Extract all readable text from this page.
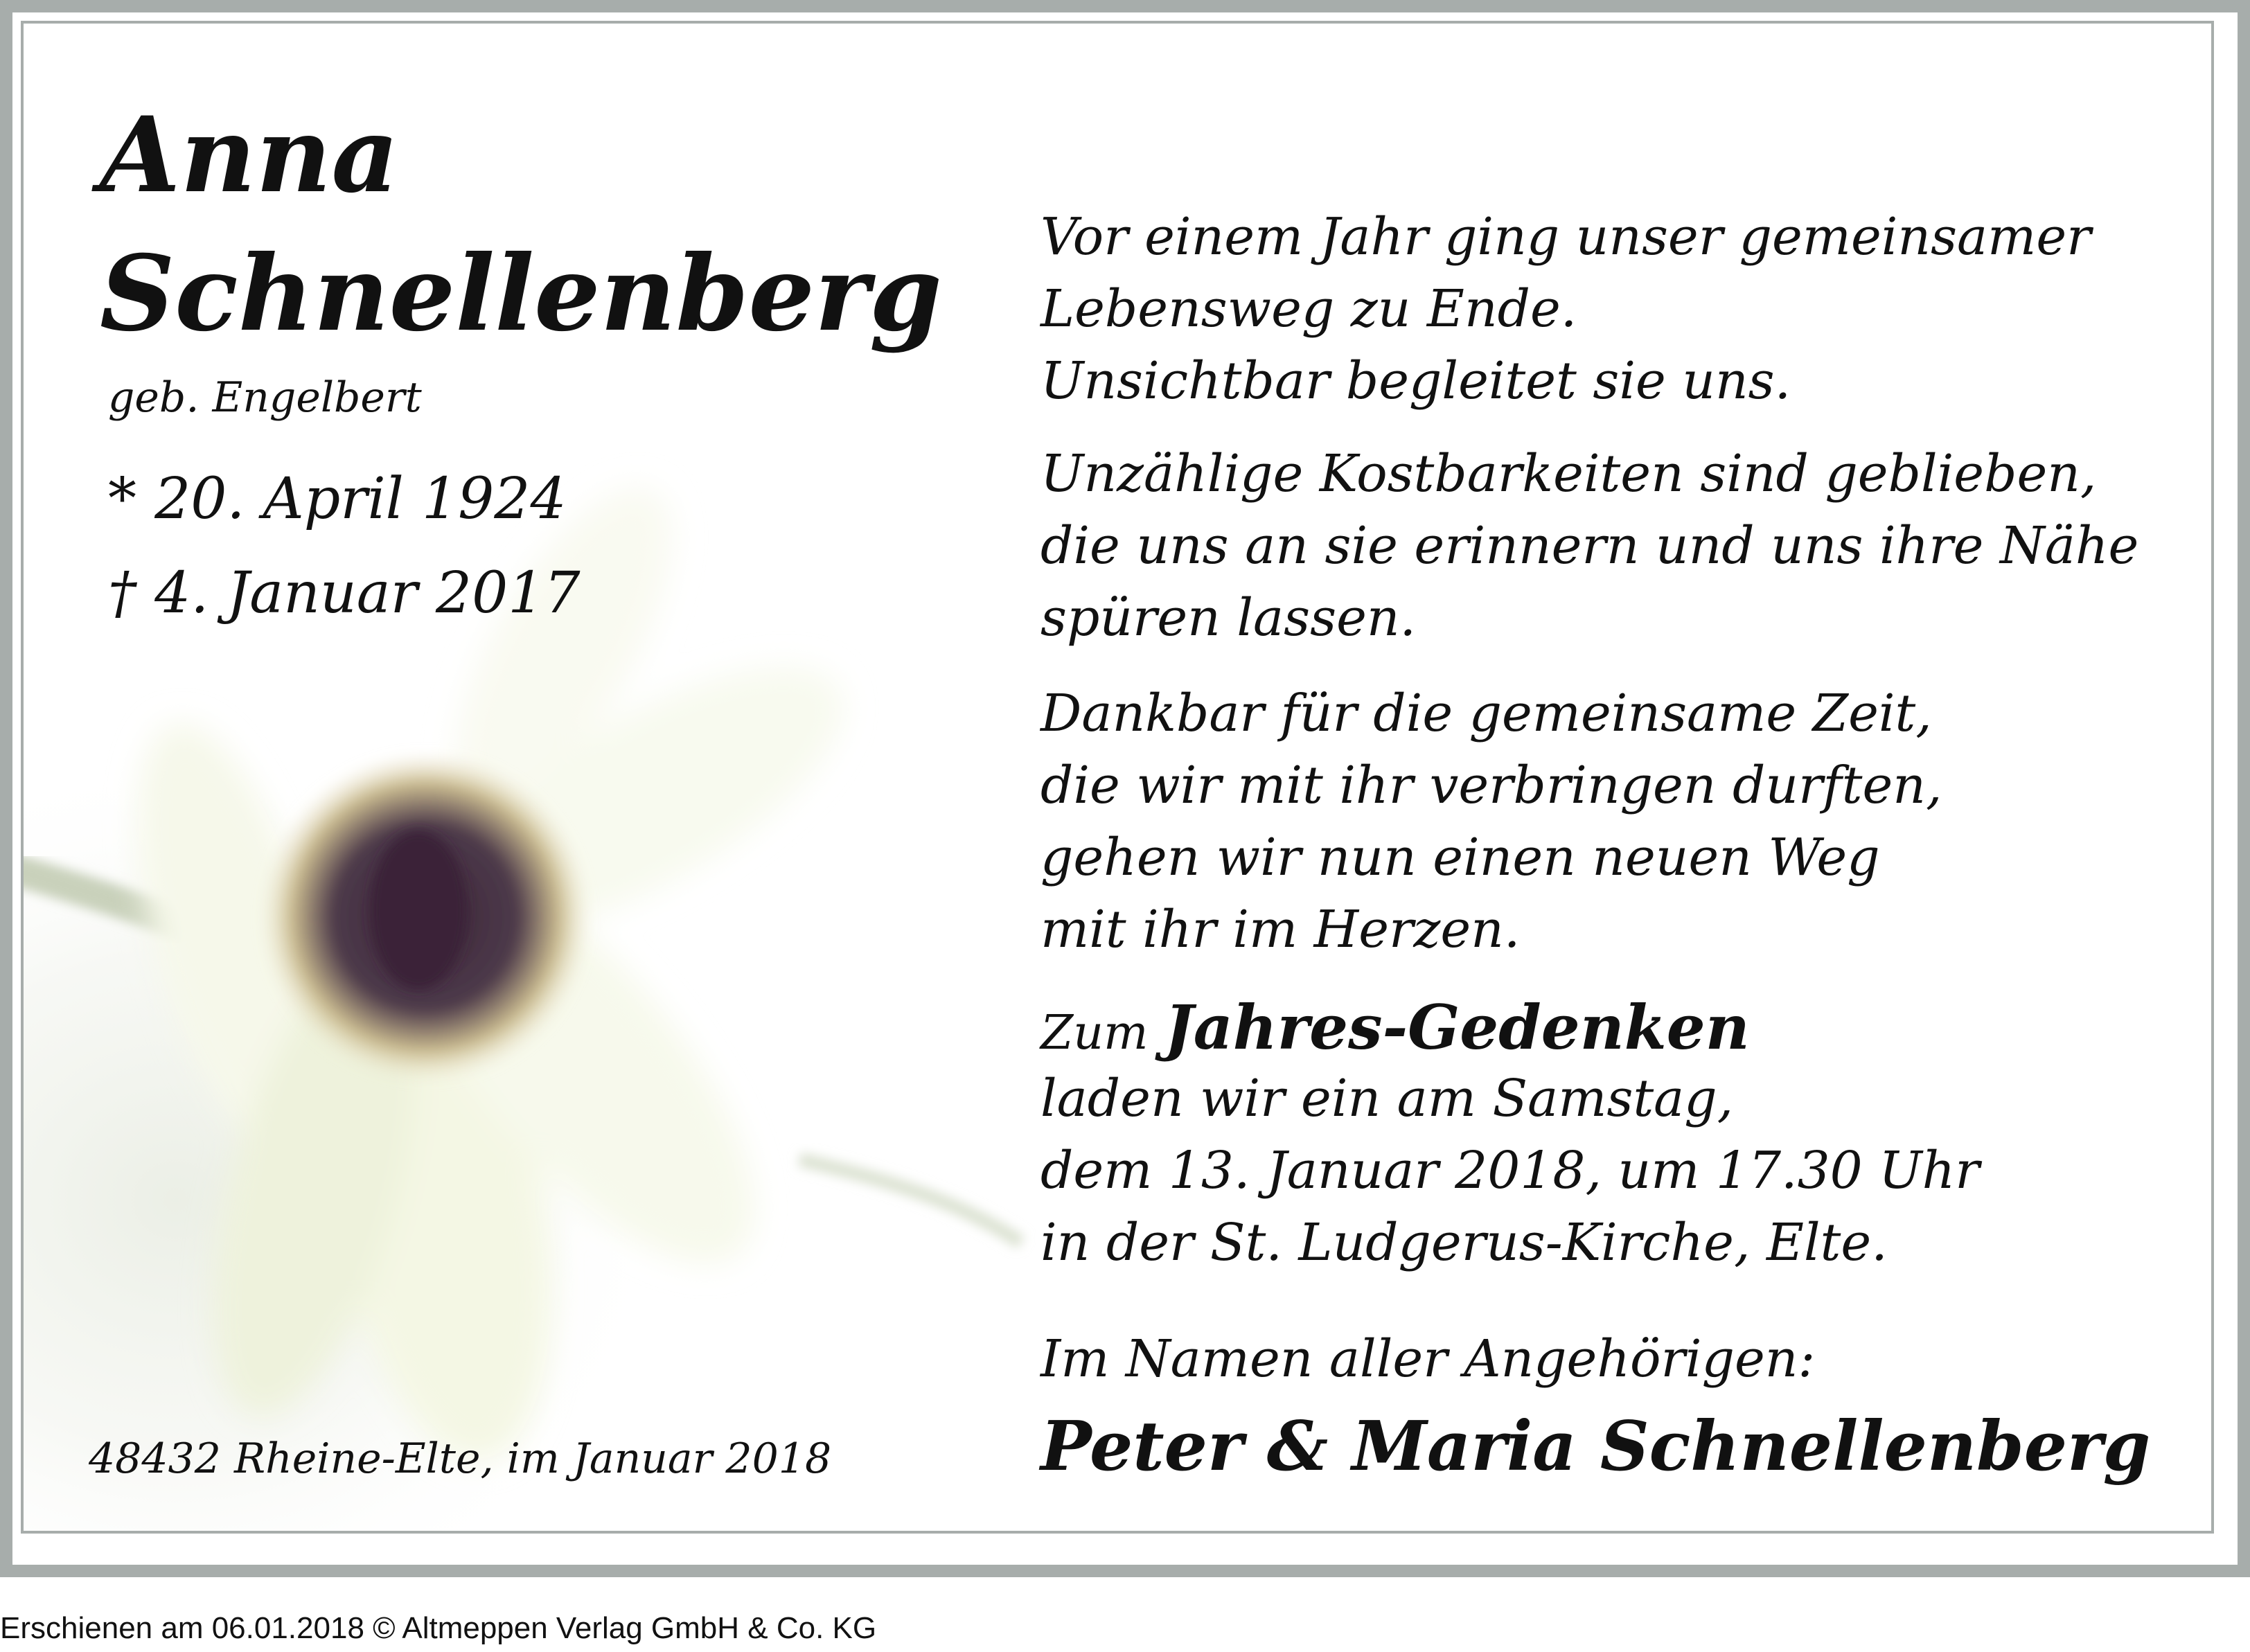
Anna

Schnellenberg

geb. Engelbert

* 20. April 1924

† 4. Januar 2017

Vor einem Jahr ging unser gemeinsamer

Lebensweg zu Ende.

Unsichtbar begleitet sie uns.

Unzählige Kostbarkeiten sind geblieben,

die uns an sie erinnern und uns ihre Nähe

spüren lassen.

Dankbar für die gemeinsame Zeit,

die wir mit ihr verbringen durften,

gehen wir nun einen neuen Weg

mit ihr im Herzen.

Zum Jahres-Gedenken

laden wir ein am Samstag,

dem 13. Januar 2018, um 17.30 Uhr

in der St. Ludgerus-Kirche, Elte.

Im Namen aller Angehörigen:

Peter & Maria Schnellenberg

48432 Rheine-Elte, im Januar 2018

Erschienen am 06.01.2018 © Altmeppen Verlag GmbH & Co. KG
